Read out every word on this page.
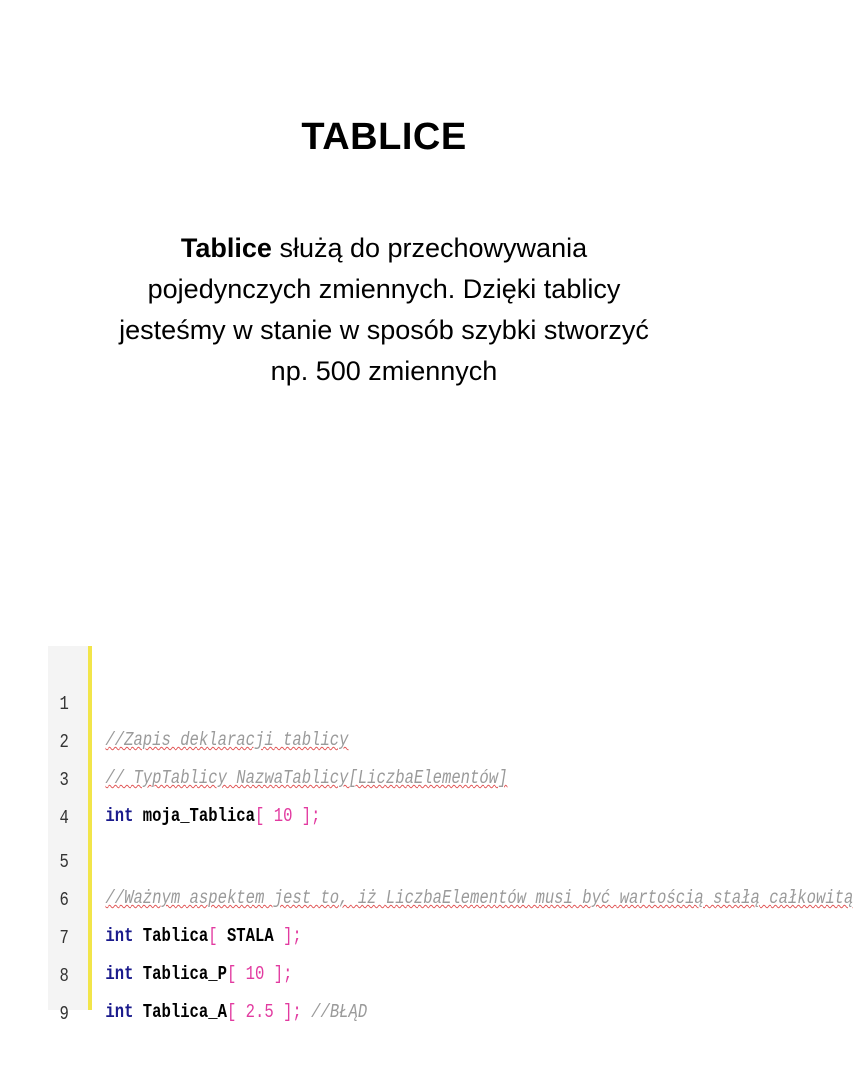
TABLICE

Tablice służą do przechowywania
pojedynczych zmiennych. Dzięki tablicy
jesteśmy w stanie w sposób szybki stworzyć
np. 500 zmiennych

1

//Zapis deklaracji tablicy

2

// TypTablicy NazwaTablicy[LiczbaElementów]

3

int moja_Tablica[ 10 ];

4

5

//Ważnym aspektem jest to, iż LiczbaElementów musi być wartością stałą całkowitą

6

int Tablica[ STALA ];

7

int Tablica_P[ 10 ];

8

int Tablica_A[ 2.5 ]; //BŁĄD

9
